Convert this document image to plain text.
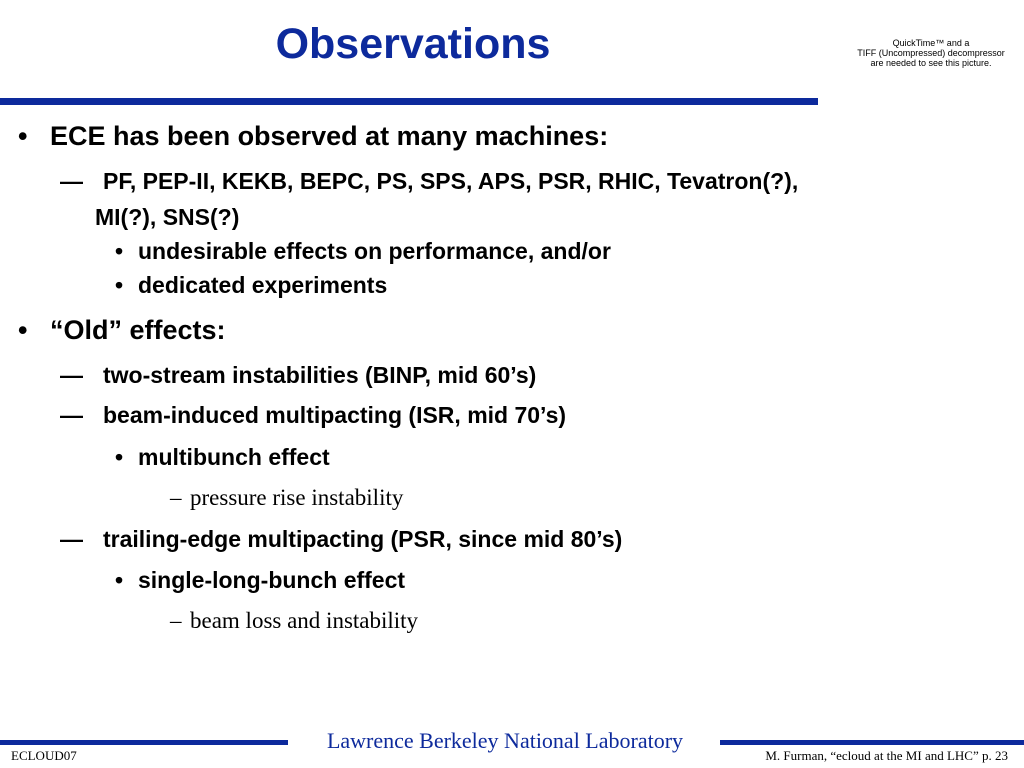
Observations	QuickTime™ and a
TIFF (Uncompressed) decompressor
are needed to see this picture.
• ECE has been observed at many machines:
— PF, PEP-II, KEKB, BEPC, PS, SPS, APS, PSR, RHIC, Tevatron(?),
MI(?), SNS(?)
• undesirable effects on performance, and/or
• dedicated experiments
• “Old” effects:
— two-stream instabilities (BINP, mid 60’s)
— beam-induced multipacting (ISR, mid 70’s)
• multibunch effect
– pressure rise instability
— trailing-edge multipacting (PSR, since mid 80’s)
• single-long-bunch effect
– beam loss and instability
Lawrence Berkeley National Laboratory
ECLOUD07	M. Furman, “ecloud at the MI and LHC” p. 23
